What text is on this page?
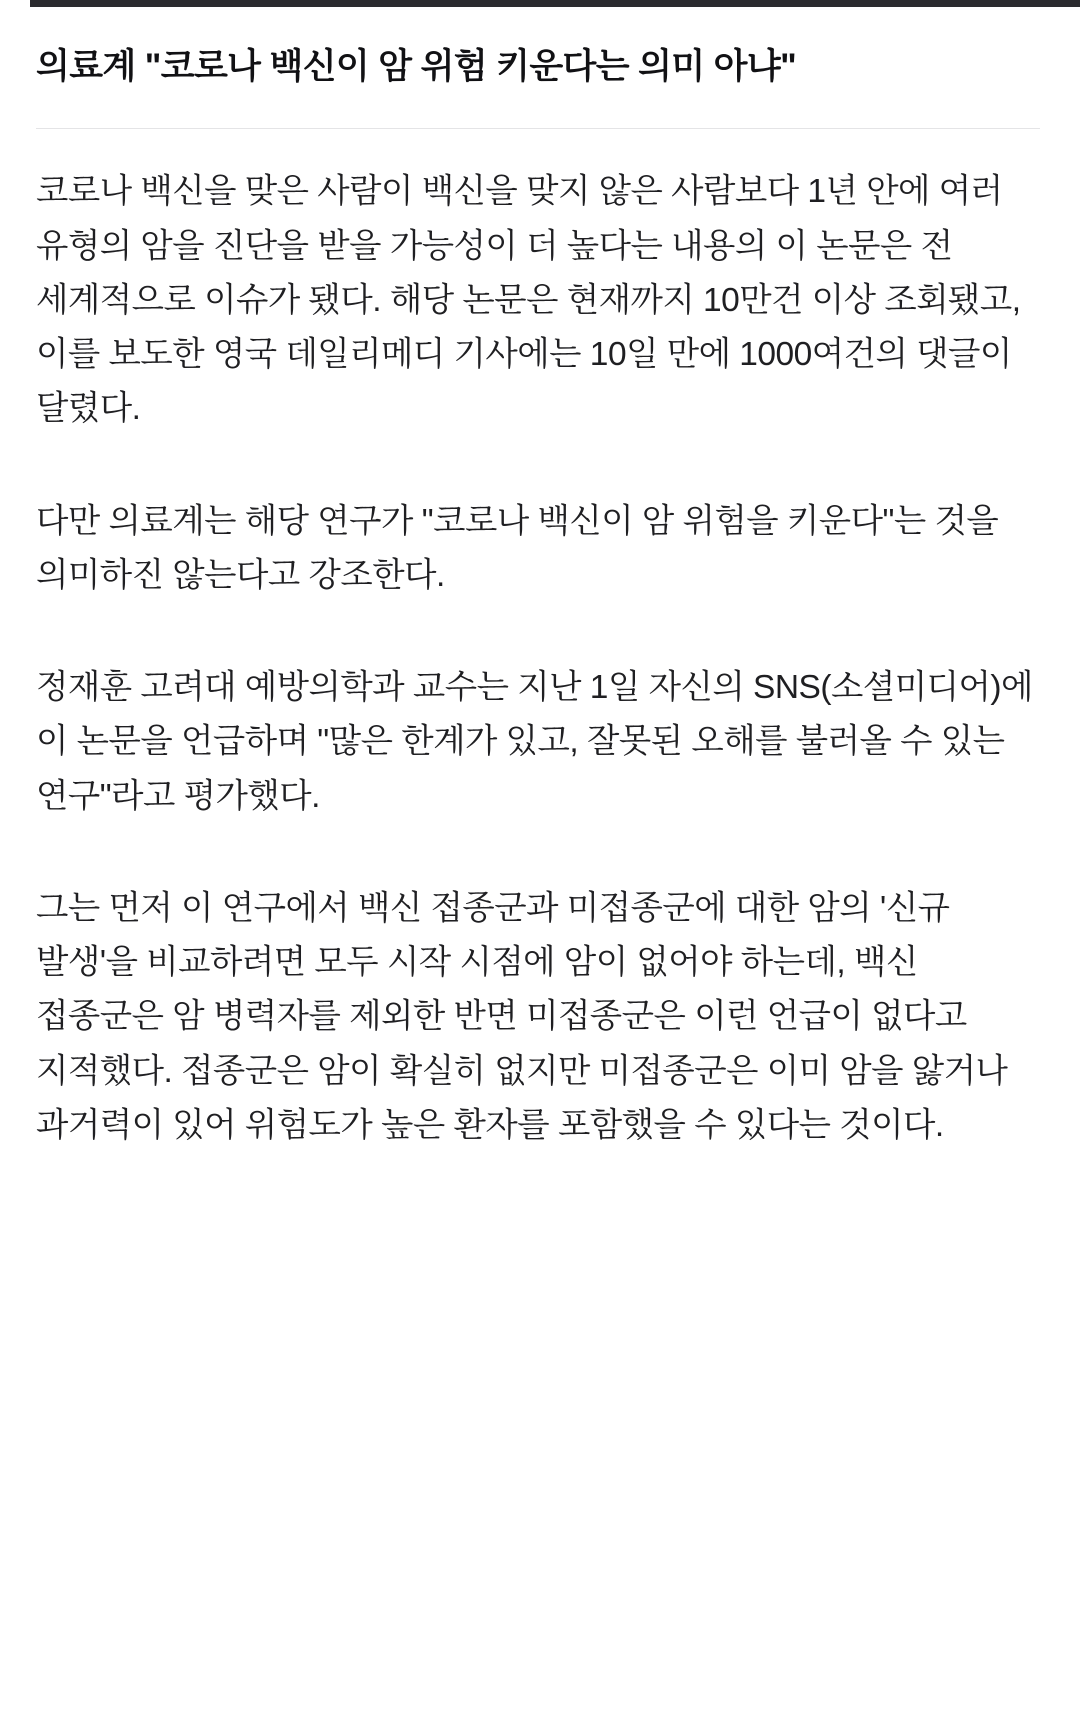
의료계 "코로나 백신이 암 위험 키운다는 의미 아냐"

코로나 백신을 맞은 사람이 백신을 맞지 않은 사람보다 1년 안에 여러 유형의 암을 진단을 받을 가능성이 더 높다는 내용의 이 논문은 전 세계적으로 이슈가 됐다. 해당 논문은 현재까지 10만건 이상 조회됐고, 이를 보도한 영국 데일리메디 기사에는 10일 만에 1000여건의 댓글이 달렸다.

다만 의료계는 해당 연구가 "코로나 백신이 암 위험을 키운다"는 것을 의미하진 않는다고 강조한다.

정재훈 고려대 예방의학과 교수는 지난 1일 자신의 SNS(소셜미디어)에 이 논문을 언급하며 "많은 한계가 있고, 잘못된 오해를 불러올 수 있는 연구"라고 평가했다.

그는 먼저 이 연구에서 백신 접종군과 미접종군에 대한 암의 '신규 발생'을 비교하려면 모두 시작 시점에 암이 없어야 하는데, 백신 접종군은 암 병력자를 제외한 반면 미접종군은 이런 언급이 없다고 지적했다. 접종군은 암이 확실히 없지만 미접종군은 이미 암을 앓거나 과거력이 있어 위험도가 높은 환자를 포함했을 수 있다는 것이다.
